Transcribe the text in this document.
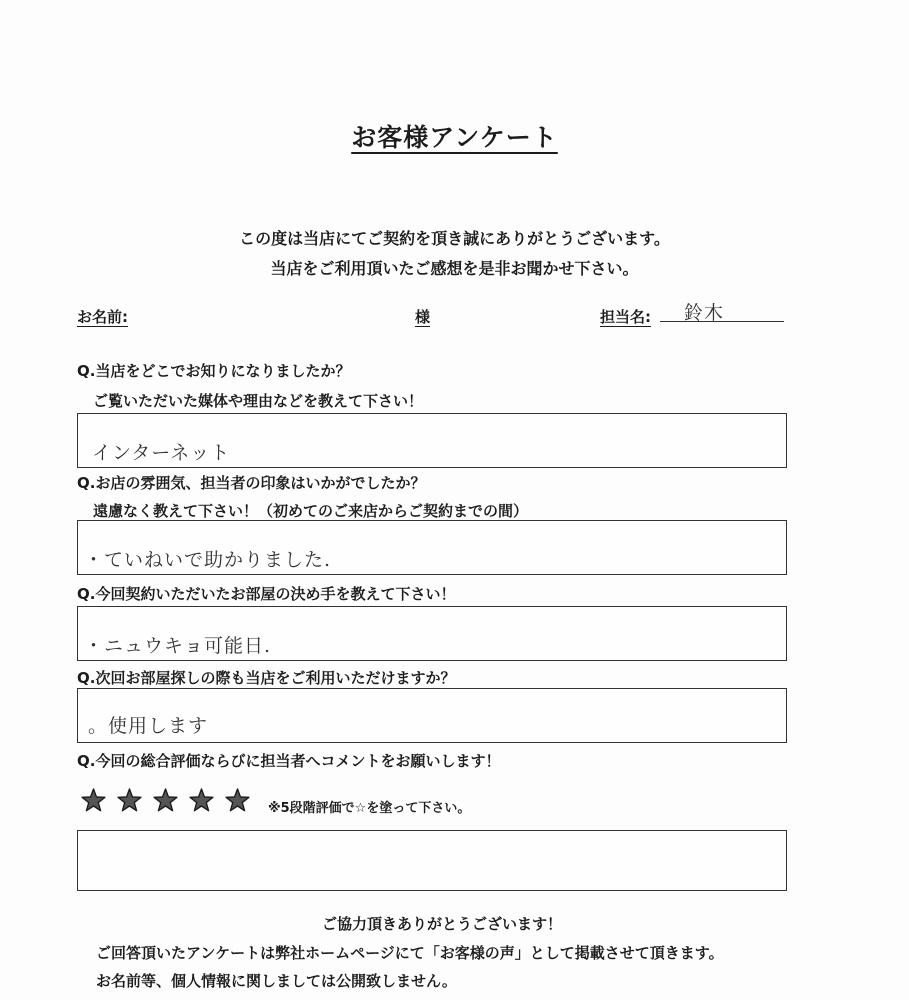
お客様アンケート
この度は当店にてご契約を頂き誠にありがとうございます。
当店をご利用頂いたご感想を是非お聞かせ下さい。
お名前:	様	担当名: 鈴木
Q.当店をどこでお知りになりましたか？
ご覧いただいた媒体や理由などを教えて下さい！
インターネット
Q.お店の雰囲気、担当者の印象はいかがでしたか？
遠慮なく教えて下さい！（初めてのご来店からご契約までの間）
・ていねいで助かりました.
Q.今回契約いただいたお部屋の決め手を教えて下さい！
・ニュウキョ可能日.
Q.次回お部屋探しの際も当店をご利用いただけますか？
。使用します
Q.今回の総合評価ならびに担当者へコメントをお願いします！
※5段階評価で☆を塗って下さい。
ご協力頂きありがとうございます！
ご回答頂いたアンケートは弊社ホームページにて「お客様の声」として掲載させて頂きます。
お名前等、個人情報に関しましては公開致しません。
